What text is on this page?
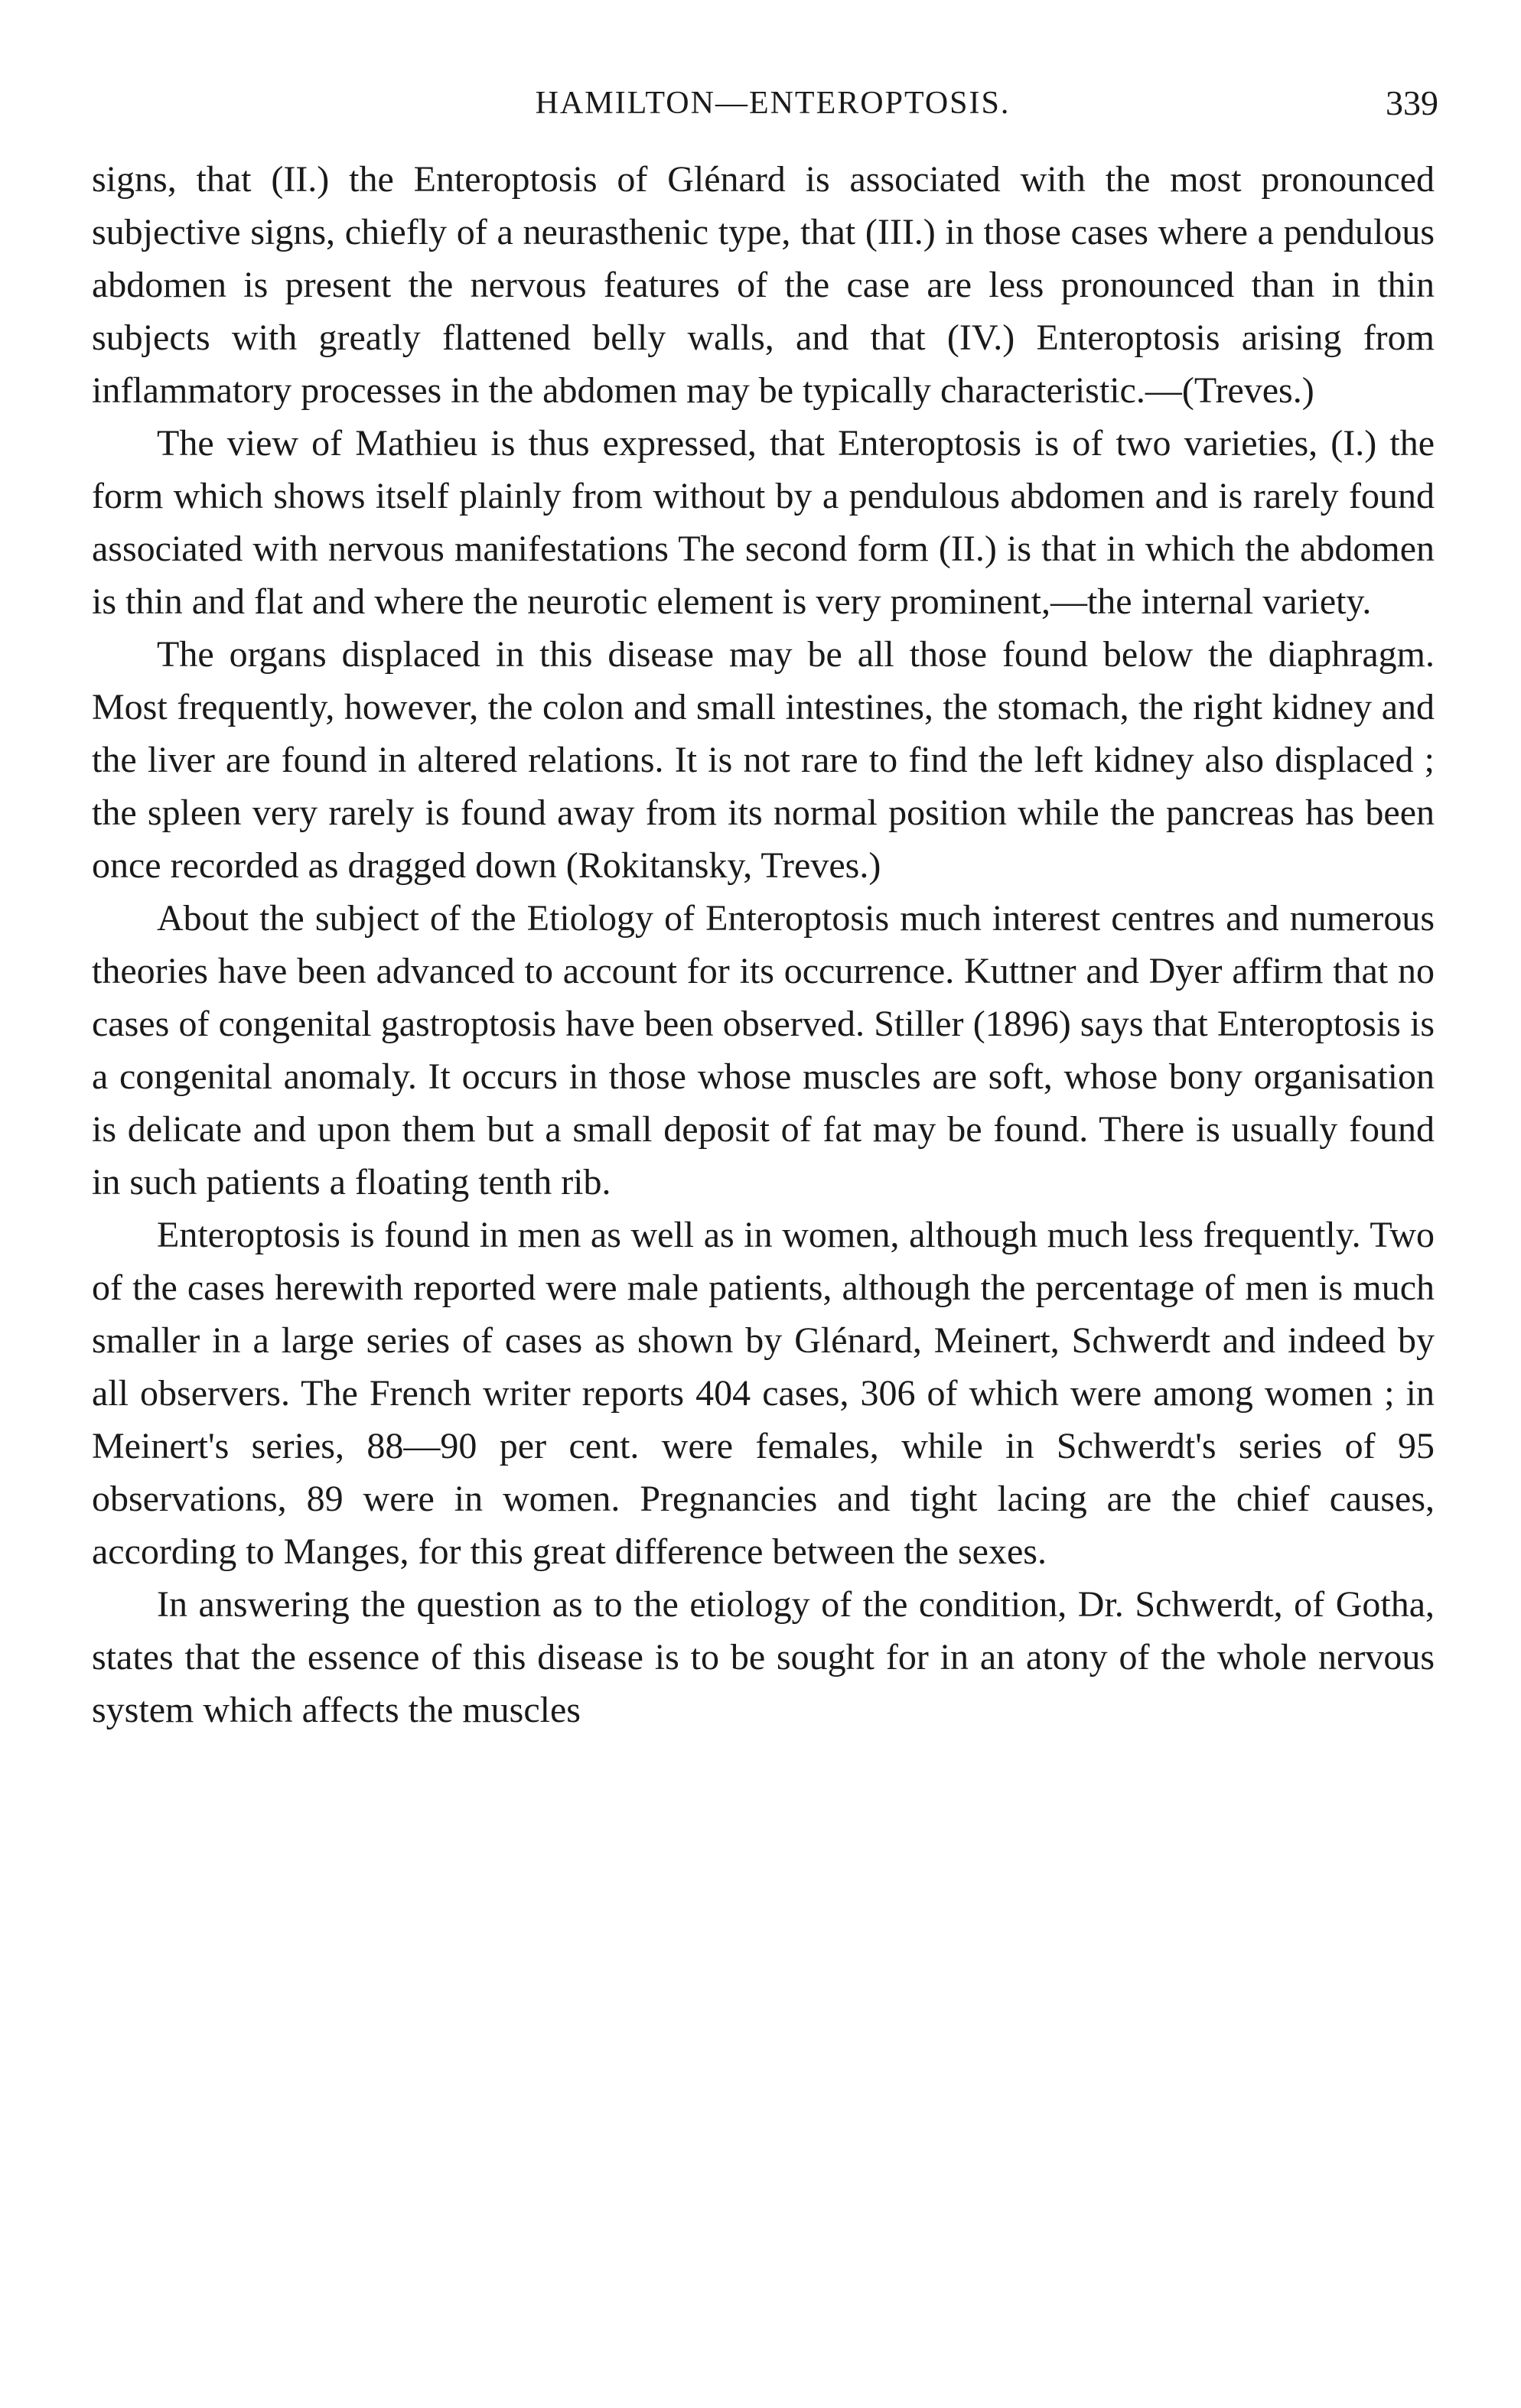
HAMILTON—ENTEROPTOSIS.	339

signs, that (II.) the Enteroptosis of Glénard is associated with the most pronounced subjective signs, chiefly of a neurasthenic type, that (III.) in those cases where a pendulous abdomen is present the nervous features of the case are less pronounced than in thin subjects with greatly flattened belly walls, and that (IV.) Enteroptosis arising from inflammatory processes in the abdomen may be typically characteristic.—(Treves.)

The view of Mathieu is thus expressed, that Enteroptosis is of two varieties, (I.) the form which shows itself plainly from without by a pendulous abdomen and is rarely found associated with nervous manifestations The second form (II.) is that in which the abdomen is thin and flat and where the neurotic element is very prominent,—the internal variety.

The organs displaced in this disease may be all those found below the diaphragm. Most frequently, however, the colon and small intestines, the stomach, the right kidney and the liver are found in altered relations. It is not rare to find the left kidney also displaced ; the spleen very rarely is found away from its normal position while the pancreas has been once recorded as dragged down (Rokitansky, Treves.)

About the subject of the Etiology of Enteroptosis much interest centres and numerous theories have been advanced to account for its occurrence. Kuttner and Dyer affirm that no cases of congenital gastroptosis have been observed. Stiller (1896) says that Enteroptosis is a congenital anomaly. It occurs in those whose muscles are soft, whose bony organisation is delicate and upon them but a small deposit of fat may be found. There is usually found in such patients a floating tenth rib.

Enteroptosis is found in men as well as in women, although much less frequently. Two of the cases herewith reported were male patients, although the percentage of men is much smaller in a large series of cases as shown by Glénard, Meinert, Schwerdt and indeed by all observers. The French writer reports 404 cases, 306 of which were among women ; in Meinert's series, 88—90 per cent. were females, while in Schwerdt's series of 95 observations, 89 were in women. Pregnancies and tight lacing are the chief causes, according to Manges, for this great difference between the sexes.

In answering the question as to the etiology of the condition, Dr. Schwerdt, of Gotha, states that the essence of this disease is to be sought for in an atony of the whole nervous system which affects the muscles
